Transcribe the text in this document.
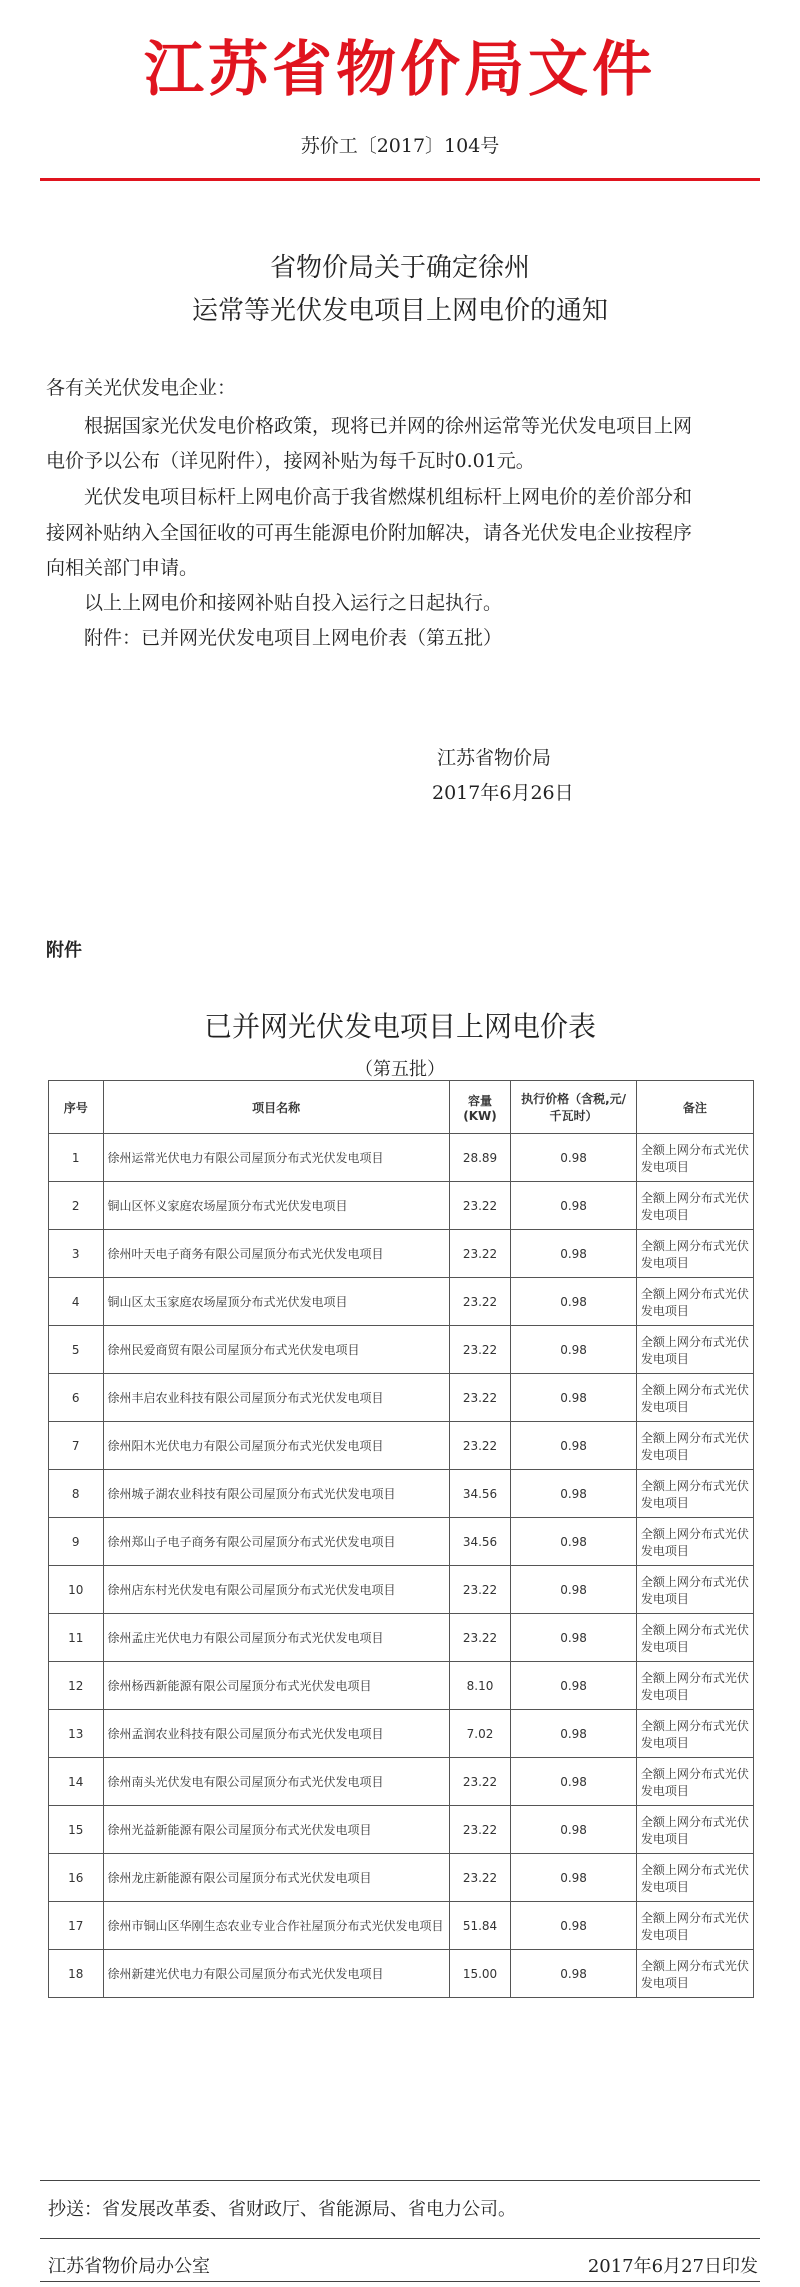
江苏省物价局文件
苏价工〔2017〕104号
省物价局关于确定徐州
运常等光伏发电项目上网电价的通知
各有关光伏发电企业：
根据国家光伏发电价格政策，现将已并网的徐州运常等光伏发电项目上网
电价予以公布（详见附件），接网补贴为每千瓦时0.01元。
光伏发电项目标杆上网电价高于我省燃煤机组标杆上网电价的差价部分和
接网补贴纳入全国征收的可再生能源电价附加解决，请各光伏发电企业按程序
向相关部门申请。
以上上网电价和接网补贴自投入运行之日起执行。
附件：已并网光伏发电项目上网电价表（第五批）
江苏省物价局
2017年6月26日
附件
已并网光伏发电项目上网电价表
（第五批）
序号	项目名称	容量(KW)	执行价格（含税,元/千瓦时）	备注
1	徐州运常光伏电力有限公司屋顶分布式光伏发电项目	28.89	0.98	全额上网分布式光伏发电项目
2	铜山区怀义家庭农场屋顶分布式光伏发电项目	23.22	0.98	全额上网分布式光伏发电项目
3	徐州叶天电子商务有限公司屋顶分布式光伏发电项目	23.22	0.98	全额上网分布式光伏发电项目
4	铜山区太玉家庭农场屋顶分布式光伏发电项目	23.22	0.98	全额上网分布式光伏发电项目
5	徐州民爱商贸有限公司屋顶分布式光伏发电项目	23.22	0.98	全额上网分布式光伏发电项目
6	徐州丰启农业科技有限公司屋顶分布式光伏发电项目	23.22	0.98	全额上网分布式光伏发电项目
7	徐州阳木光伏电力有限公司屋顶分布式光伏发电项目	23.22	0.98	全额上网分布式光伏发电项目
8	徐州城子湖农业科技有限公司屋顶分布式光伏发电项目	34.56	0.98	全额上网分布式光伏发电项目
9	徐州郑山子电子商务有限公司屋顶分布式光伏发电项目	34.56	0.98	全额上网分布式光伏发电项目
10	徐州店东村光伏发电有限公司屋顶分布式光伏发电项目	23.22	0.98	全额上网分布式光伏发电项目
11	徐州孟庄光伏电力有限公司屋顶分布式光伏发电项目	23.22	0.98	全额上网分布式光伏发电项目
12	徐州杨西新能源有限公司屋顶分布式光伏发电项目	8.10	0.98	全额上网分布式光伏发电项目
13	徐州孟润农业科技有限公司屋顶分布式光伏发电项目	7.02	0.98	全额上网分布式光伏发电项目
14	徐州南头光伏发电有限公司屋顶分布式光伏发电项目	23.22	0.98	全额上网分布式光伏发电项目
15	徐州光益新能源有限公司屋顶分布式光伏发电项目	23.22	0.98	全额上网分布式光伏发电项目
16	徐州龙庄新能源有限公司屋顶分布式光伏发电项目	23.22	0.98	全额上网分布式光伏发电项目
17	徐州市铜山区华刚生态农业专业合作社屋顶分布式光伏发电项目	51.84	0.98	全额上网分布式光伏发电项目
18	徐州新建光伏电力有限公司屋顶分布式光伏发电项目	15.00	0.98	全额上网分布式光伏发电项目
抄送：省发展改革委、省财政厅、省能源局、省电力公司。
江苏省物价局办公室	2017年6月27日印发
